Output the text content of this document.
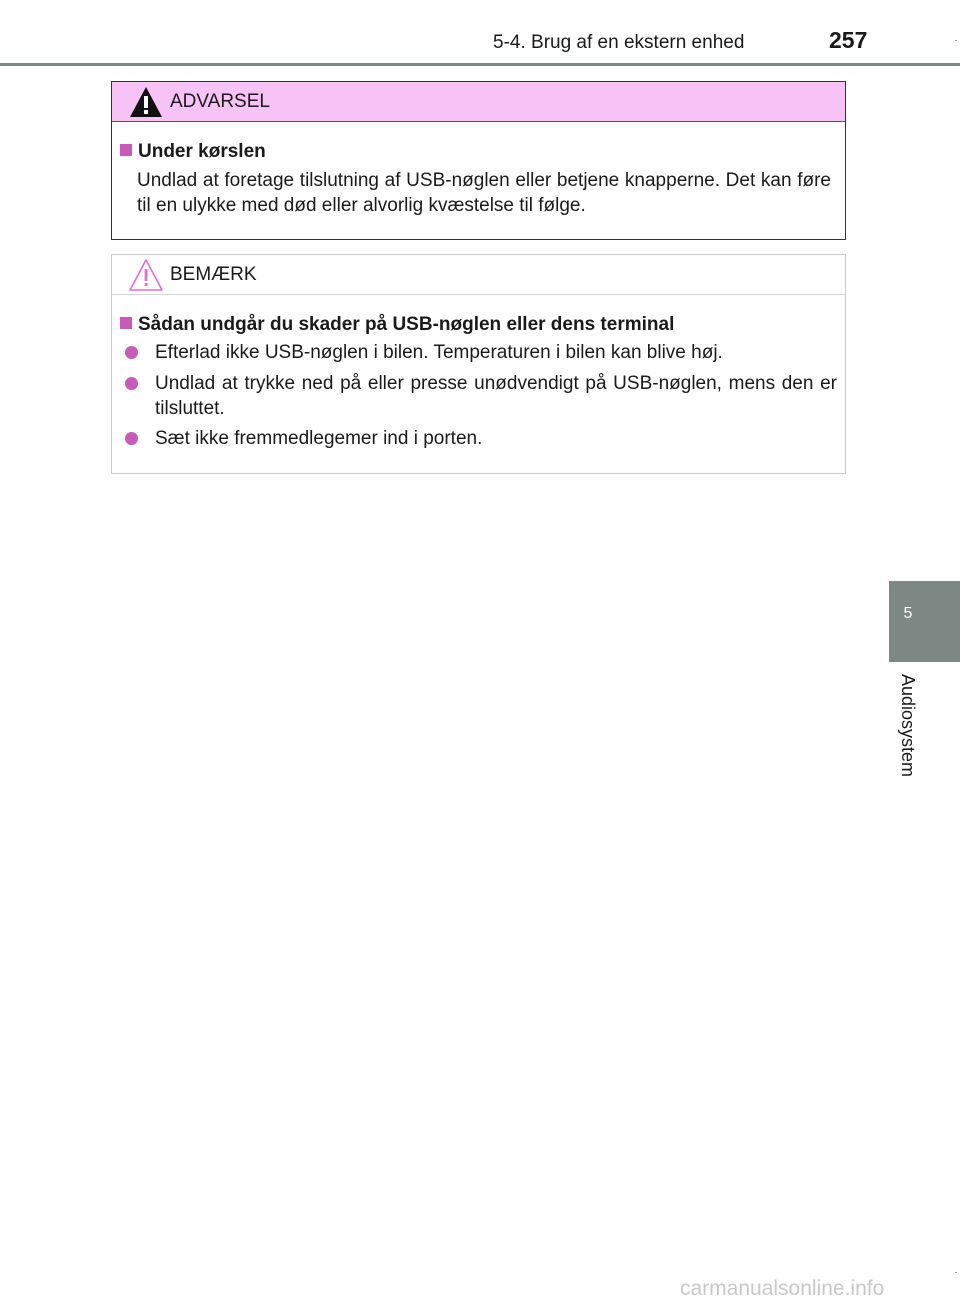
5-4. Brug af en ekstern enhed	257
5
Audiosystem
ADVARSEL
Under kørslen
Undlad at foretage tilslutning af USB-nøglen eller betjene knapperne. Det kan føre til en ulykke med død eller alvorlig kvæstelse til følge.
BEMÆRK
Sådan undgår du skader på USB-nøglen eller dens terminal
Efterlad ikke USB-nøglen i bilen. Temperaturen i bilen kan blive høj.
Undlad at trykke ned på eller presse unødvendigt på USB-nøglen, mens den er tilsluttet.
Sæt ikke fremmedlegemer ind i porten.
carmanualsonline.info
